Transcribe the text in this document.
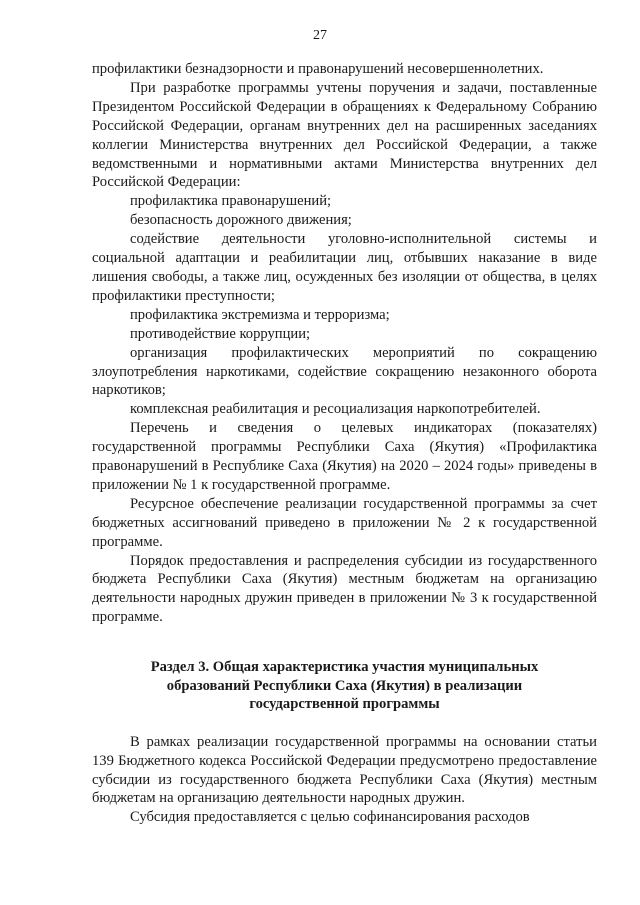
27

профилактики безнадзорности и правонарушений несовершеннолетних.

При разработке программы учтены поручения и задачи, поставленные Президентом Российской Федерации в обращениях к Федеральному Собранию Российской Федерации, органам внутренних дел на расширенных заседаниях коллегии Министерства внутренних дел Российской Федерации, а также ведомственными и нормативными актами Министерства внутренних дел Российской Федерации:

профилактика правонарушений;

безопасность дорожного движения;

содействие деятельности уголовно-исполнительной системы и социальной адаптации и реабилитации лиц, отбывших наказание в виде лишения свободы, а также лиц, осужденных без изоляции от общества, в целях профилактики преступности;

профилактика экстремизма и терроризма;

противодействие коррупции;

организация профилактических мероприятий по сокращению злоупотребления наркотиками, содействие сокращению незаконного оборота наркотиков;

комплексная реабилитация и ресоциализация наркопотребителей.

Перечень и сведения о целевых индикаторах (показателях) государственной программы Республики Саха (Якутия) «Профилактика правонарушений в Республике Саха (Якутия) на 2020 – 2024 годы» приведены в приложении № 1 к государственной программе.

Ресурсное обеспечение реализации государственной программы за счет бюджетных ассигнований приведено в приложении № 2 к государственной программе.

Порядок предоставления и распределения субсидии из государственного бюджета Республики Саха (Якутия) местным бюджетам на организацию деятельности народных дружин приведен в приложении № 3 к государственной программе.

Раздел 3. Общая характеристика участия муниципальных образований Республики Саха (Якутия) в реализации государственной программы

В рамках реализации государственной программы на основании статьи 139 Бюджетного кодекса Российской Федерации предусмотрено предоставление субсидии из государственного бюджета Республики Саха (Якутия) местным бюджетам на организацию деятельности народных дружин.

Субсидия предоставляется с целью софинансирования расходов
